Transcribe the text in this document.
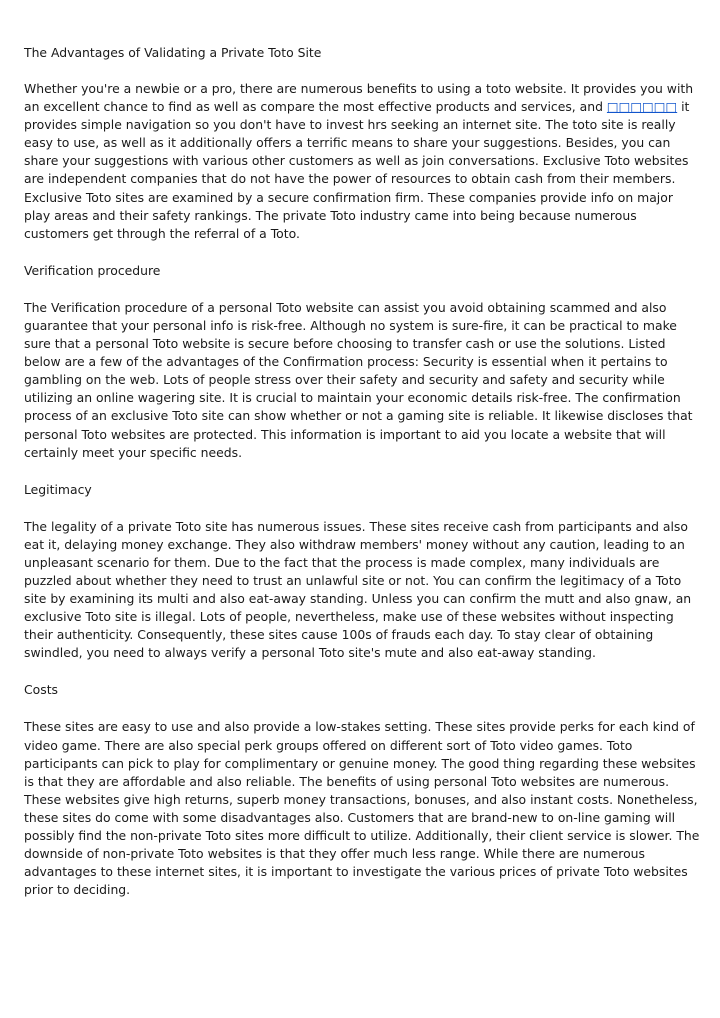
The Advantages of Validating a Private Toto Site

Whether you're a newbie or a pro, there are numerous benefits to using a toto website. It provides you with an excellent chance to find as well as compare the most effective products and services, and □□□□□□ it provides simple navigation so you don't have to invest hrs seeking an internet site. The toto site is really easy to use, as well as it additionally offers a terrific means to share your suggestions. Besides, you can share your suggestions with various other customers as well as join conversations. Exclusive Toto websites are independent companies that do not have the power of resources to obtain cash from their members. Exclusive Toto sites are examined by a secure confirmation firm. These companies provide info on major play areas and their safety rankings. The private Toto industry came into being because numerous customers get through the referral of a Toto.

Verification procedure

The Verification procedure of a personal Toto website can assist you avoid obtaining scammed and also guarantee that your personal info is risk-free. Although no system is sure-fire, it can be practical to make sure that a personal Toto website is secure before choosing to transfer cash or use the solutions. Listed below are a few of the advantages of the Confirmation process: Security is essential when it pertains to gambling on the web. Lots of people stress over their safety and security and safety and security while utilizing an online wagering site. It is crucial to maintain your economic details risk-free. The confirmation process of an exclusive Toto site can show whether or not a gaming site is reliable. It likewise discloses that personal Toto websites are protected. This information is important to aid you locate a website that will certainly meet your specific needs.

Legitimacy

The legality of a private Toto site has numerous issues. These sites receive cash from participants and also eat it, delaying money exchange. They also withdraw members' money without any caution, leading to an unpleasant scenario for them. Due to the fact that the process is made complex, many individuals are puzzled about whether they need to trust an unlawful site or not. You can confirm the legitimacy of a Toto site by examining its multi and also eat-away standing. Unless you can confirm the mutt and also gnaw, an exclusive Toto site is illegal. Lots of people, nevertheless, make use of these websites without inspecting their authenticity. Consequently, these sites cause 100s of frauds each day. To stay clear of obtaining swindled, you need to always verify a personal Toto site's mute and also eat-away standing.

Costs

These sites are easy to use and also provide a low-stakes setting. These sites provide perks for each kind of video game. There are also special perk groups offered on different sort of Toto video games. Toto participants can pick to play for complimentary or genuine money. The good thing regarding these websites is that they are affordable and also reliable. The benefits of using personal Toto websites are numerous. These websites give high returns, superb money transactions, bonuses, and also instant costs. Nonetheless, these sites do come with some disadvantages also. Customers that are brand-new to on-line gaming will possibly find the non-private Toto sites more difficult to utilize. Additionally, their client service is slower. The downside of non-private Toto websites is that they offer much less range. While there are numerous advantages to these internet sites, it is important to investigate the various prices of private Toto websites prior to deciding.
